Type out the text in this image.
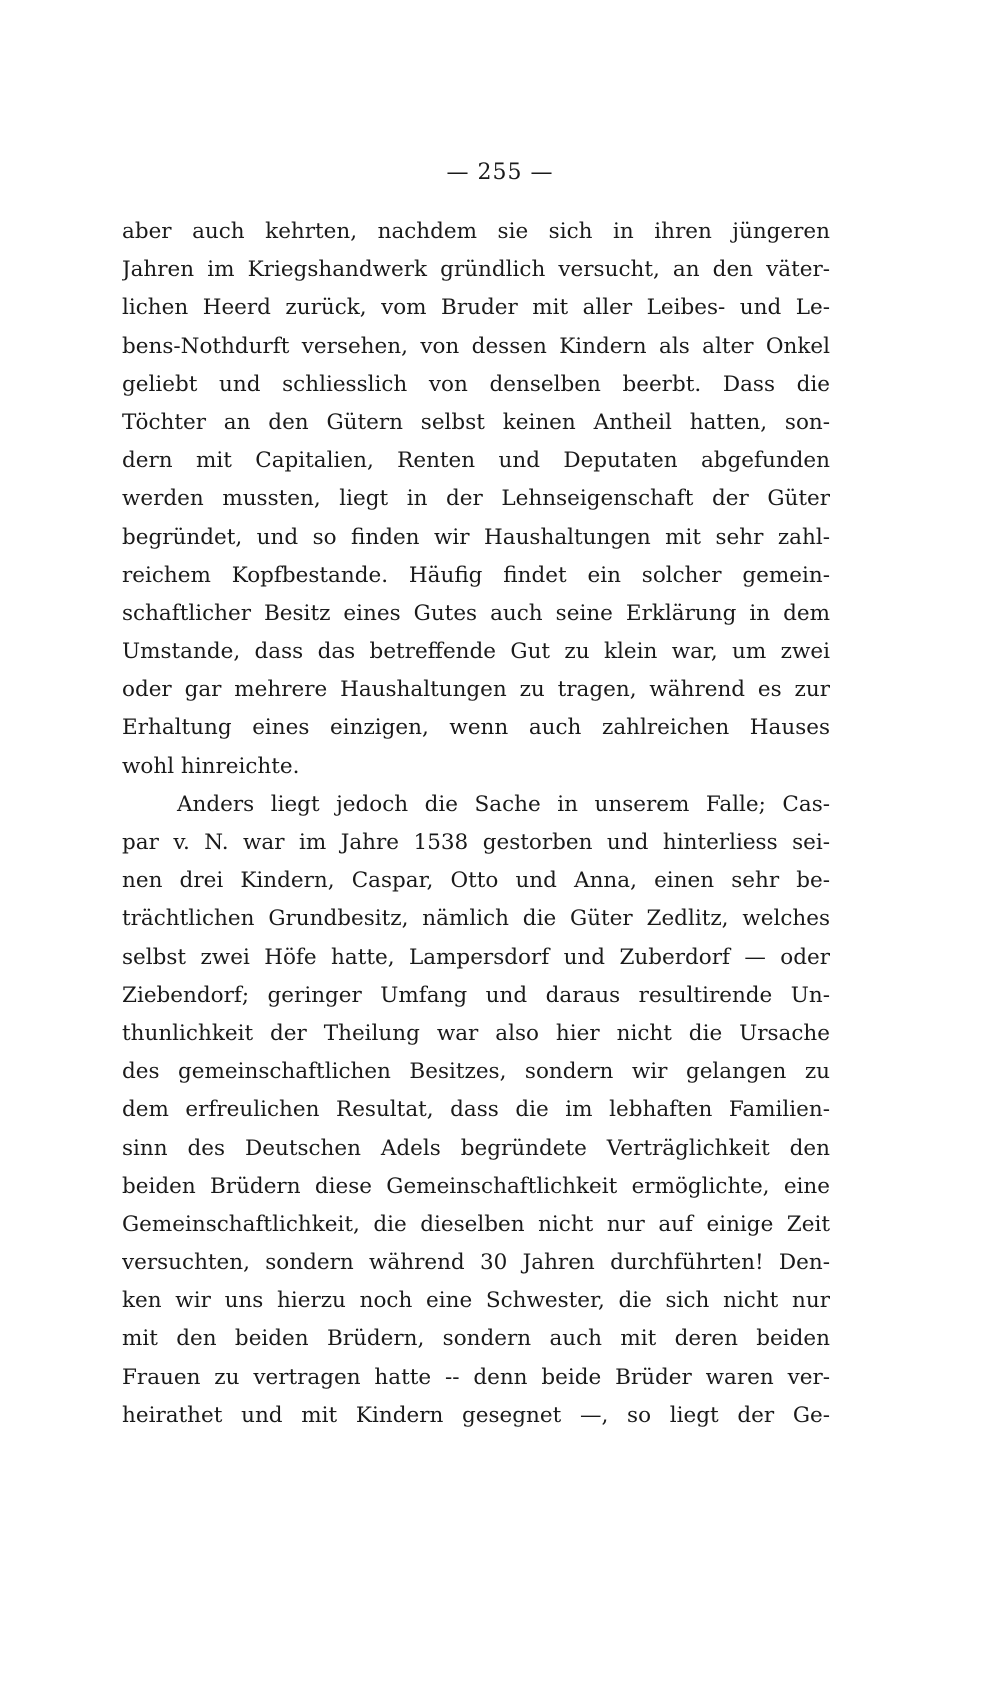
— 255 —
aber auch kehrten, nachdem sie sich in ihren jüngeren
Jahren im Kriegshandwerk gründlich versucht, an den väter-
lichen Heerd zurück, vom Bruder mit aller Leibes- und Le-
bens-Nothdurft versehen, von dessen Kindern als alter Onkel
geliebt und schliesslich von denselben beerbt. Dass die
Töchter an den Gütern selbst keinen Antheil hatten, son-
dern mit Capitalien, Renten und Deputaten abgefunden
werden mussten, liegt in der Lehnseigenschaft der Güter
begründet, und so finden wir Haushaltungen mit sehr zahl-
reichem Kopfbestande. Häufig findet ein solcher gemein-
schaftlicher Besitz eines Gutes auch seine Erklärung in dem
Umstande, dass das betreffende Gut zu klein war, um zwei
oder gar mehrere Haushaltungen zu tragen, während es zur
Erhaltung eines einzigen, wenn auch zahlreichen Hauses
wohl hinreichte.
Anders liegt jedoch die Sache in unserem Falle; Cas-
par v. N. war im Jahre 1538 gestorben und hinterliess sei-
nen drei Kindern, Caspar, Otto und Anna, einen sehr be-
trächtlichen Grundbesitz, nämlich die Güter Zedlitz, welches
selbst zwei Höfe hatte, Lampersdorf und Zuberdorf — oder
Ziebendorf; geringer Umfang und daraus resultirende Un-
thunlichkeit der Theilung war also hier nicht die Ursache
des gemeinschaftlichen Besitzes, sondern wir gelangen zu
dem erfreulichen Resultat, dass die im lebhaften Familien-
sinn des Deutschen Adels begründete Verträglichkeit den
beiden Brüdern diese Gemeinschaftlichkeit ermöglichte, eine
Gemeinschaftlichkeit, die dieselben nicht nur auf einige Zeit
versuchten, sondern während 30 Jahren durchführten! Den-
ken wir uns hierzu noch eine Schwester, die sich nicht nur
mit den beiden Brüdern, sondern auch mit deren beiden
Frauen zu vertragen hatte -- denn beide Brüder waren ver-
heirathet und mit Kindern gesegnet —, so liegt der Ge-
